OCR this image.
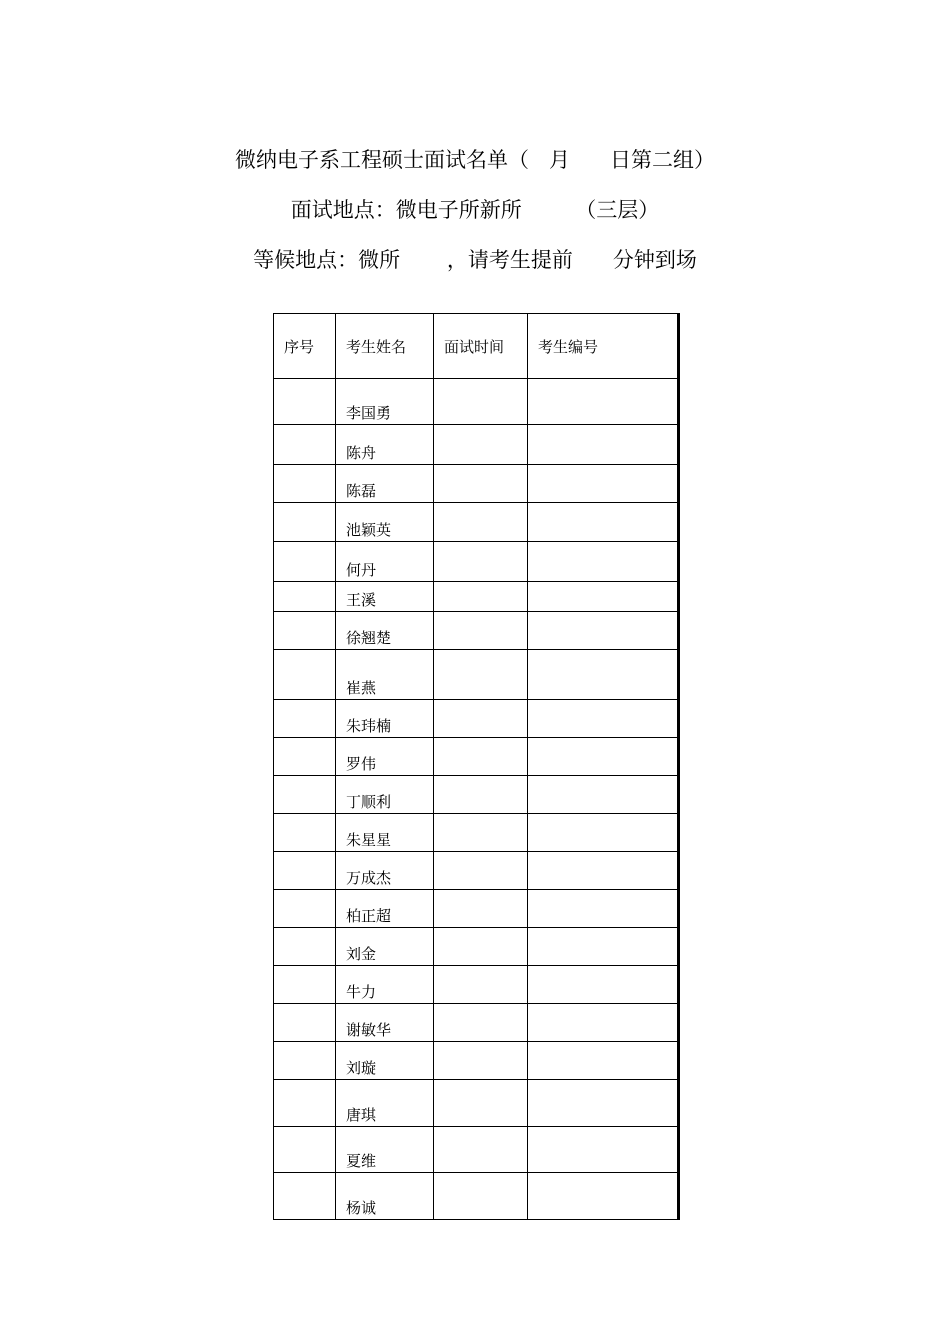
微纳电子系工程硕士面试名单（   月      日第二组）
面试地点：微电子所新所        （三层）
等候地点：微所       ，请考生提前      分钟到场
序号	考生姓名	面试时间	考生编号

	李国勇		

	陈舟		

	陈磊		

	池颖英		

	何丹		

	王溪		

	徐翘楚		

	崔燕		

	朱玮楠		

	罗伟		

	丁顺利		

	朱星星		

	万成杰		

	柏正超		

	刘金		

	牛力		

	谢敏华		

	刘璇		

	唐琪		

	夏维		

	杨诚		
